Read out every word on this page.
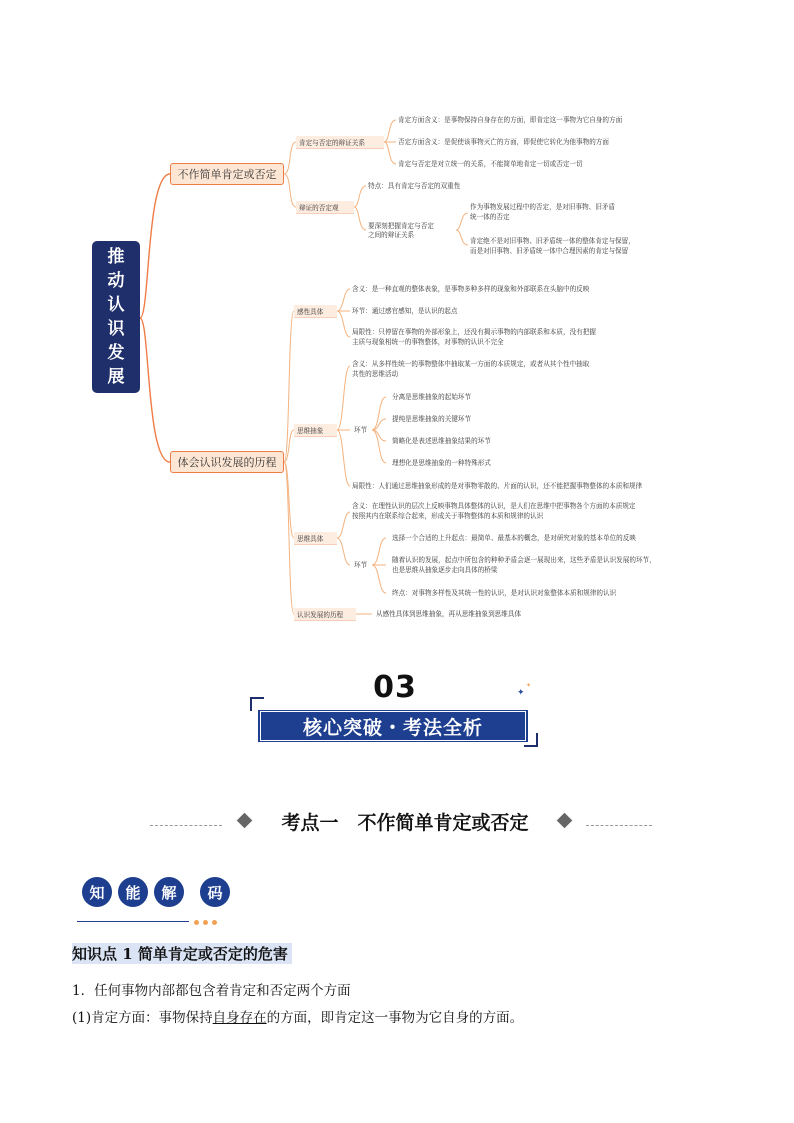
肯定与否定的辩证关系
辩证的否定观
感性具体
思维抽象
思维具体
认识发展的历程
肯定方面含义：是事物保持自身存在的方面，即肯定这一事物为它自身的方面
否定方面含义：是促使该事物灭亡的方面，即促使它转化为他事物的方面
肯定与否定是对立统一的关系，不能简单地肯定一切或否定一切
特点：具有肯定与否定的双重性
要深刻把握肯定与否定
之间的辩证关系
作为事物发展过程中的否定，是对旧事物、旧矛盾
统一体的否定
肯定绝不是对旧事物、旧矛盾统一体的整体肯定与保留，
而是对旧事物、旧矛盾统一体中合理因素的肯定与保留
含义：是一种直观的整体表象，是事物多种多样的现象和外部联系在头脑中的反映
环节：通过感官感知，是认识的起点
局限性：只停留在事物的外部形象上，还没有揭示事物的内部联系和本质，没有把握
主质与现象相统一的事物整体，对事物的认识不完全
含义：从多样性统一的事物整体中抽取某一方面的本质规定，或者从其个性中抽取
共性的思维活动
环节
分离是思维抽象的起始环节
提纯是思维抽象的关键环节
简略化是表述思维抽象结果的环节
理想化是思维抽象的一种特殊形式
局限性：人们通过思维抽象形成的是对事物零散的、片面的认识，还不能把握事物整体的本质和规律
含义：在理性认识的层次上反映事物具体整体的认识，是人们在思维中把事物各个方面的本质规定
按照其内在联系综合起来，形成关于事物整体的本质和规律的认识
环节
选择一个合适的上升起点：最简单、最基本的概念，是对研究对象的基本单位的反映
随着认识的发展，起点中所包含的种种矛盾会逐一展现出来，这些矛盾是认识发展的环节，
也是思维从抽象逐步走向具体的桥梁
终点：对事物多样性及其统一性的认识，是对认识对象整体本质和规律的认识
从感性具体到思维抽象，再从思维抽象到思维具体
推
动
认
识
发
展
不作简单肯定或否定
体会认识发展的历程
03
核心突破・考法全析
✦
✦
考点一　不作简单肯定或否定
知	能	解	码
知识点 1 简单肯定或否定的危害
1．任何事物内部都包含着肯定和否定两个方面
(1)肯定方面：事物保持自身存在的方面，即肯定这一事物为它自身的方面。
